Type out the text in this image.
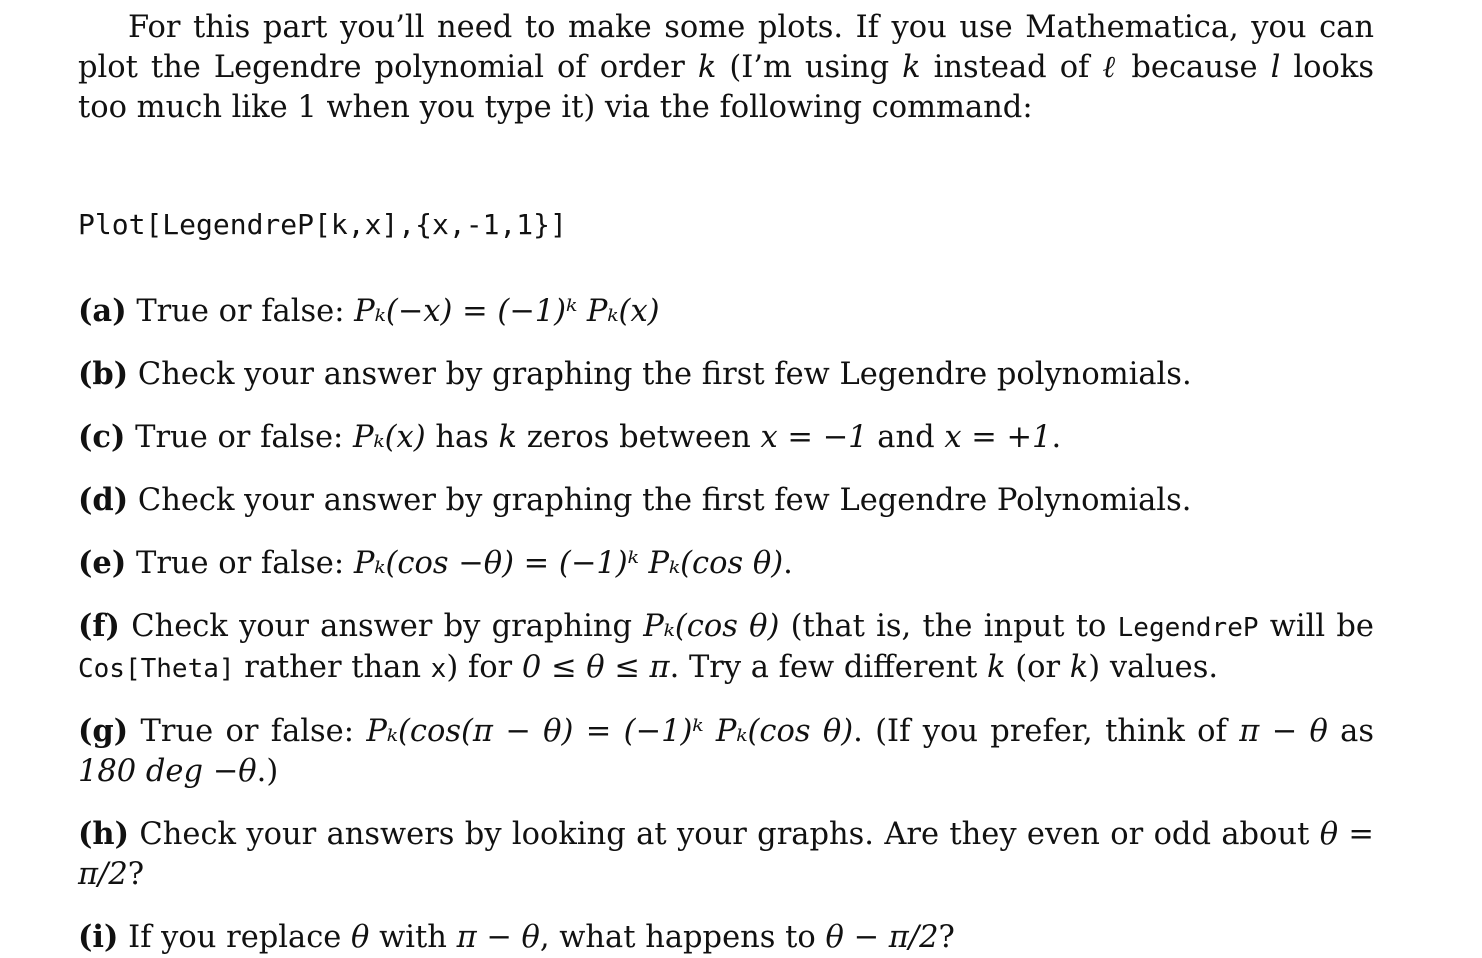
For this part you’ll need to make some plots. If you use Mathematica, you can plot the Legendre polynomial of order k (I’m using k instead of ℓ because l looks too much like 1 when you type it) via the following command:

Plot[LegendreP[k,x],{x,-1,1}]

(a) True or false: Pₖ(−x) = (−1)ᵏ Pₖ(x)

(b) Check your answer by graphing the first few Legendre polynomials.

(c) True or false: Pₖ(x) has k zeros between x = −1 and x = +1.

(d) Check your answer by graphing the first few Legendre Polynomials.

(e) True or false: Pₖ(cos −θ) = (−1)ᵏ Pₖ(cos θ).

(f) Check your answer by graphing Pₖ(cos θ) (that is, the input to LegendreP will be Cos[Theta] rather than x) for 0 ≤ θ ≤ π. Try a few different k (or k) values.

(g) True or false: Pₖ(cos(π − θ) = (−1)ᵏ Pₖ(cos θ). (If you prefer, think of π − θ as 180 deg −θ.)

(h) Check your answers by looking at your graphs. Are they even or odd about θ = π/2?

(i) If you replace θ with π − θ, what happens to θ − π/2?
